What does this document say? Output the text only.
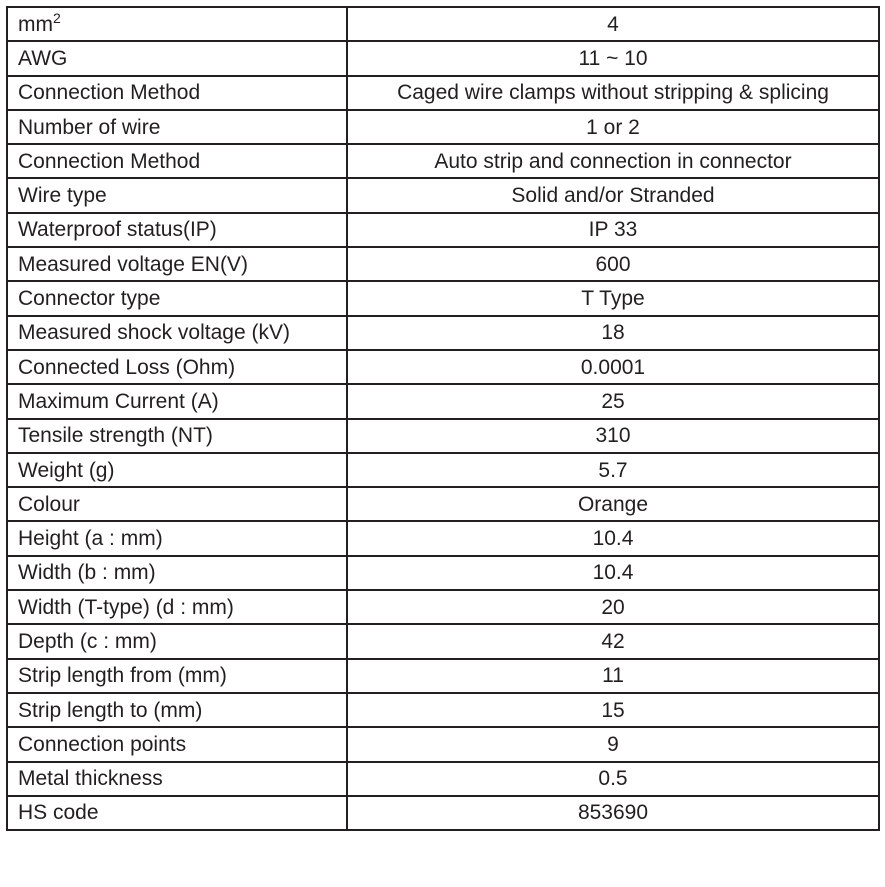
$mm^2$	4
AWG	11 ~ 10
Connection Method	Caged wire clamps without stripping & splicing
Number of wire	1 or 2
Connection Method	Auto strip and connection in connector
Wire type	Solid and/or Stranded
Waterproof status(IP)	IP 33
Measured voltage EN(V)	600
Connector type	T Type
Measured shock voltage (kV)	18
Connected Loss (Ohm)	0.0001
Maximum Current (A)	25
Tensile strength (NT)	310
Weight (g)	5.7
Colour	Orange
Height (a : mm)	10.4
Width (b : mm)	10.4
Width (T-type) (d : mm)	20
Depth (c : mm)	42
Strip length from (mm)	11
Strip length to (mm)	15
Connection points	9
Metal thickness	0.5
HS code	853690
